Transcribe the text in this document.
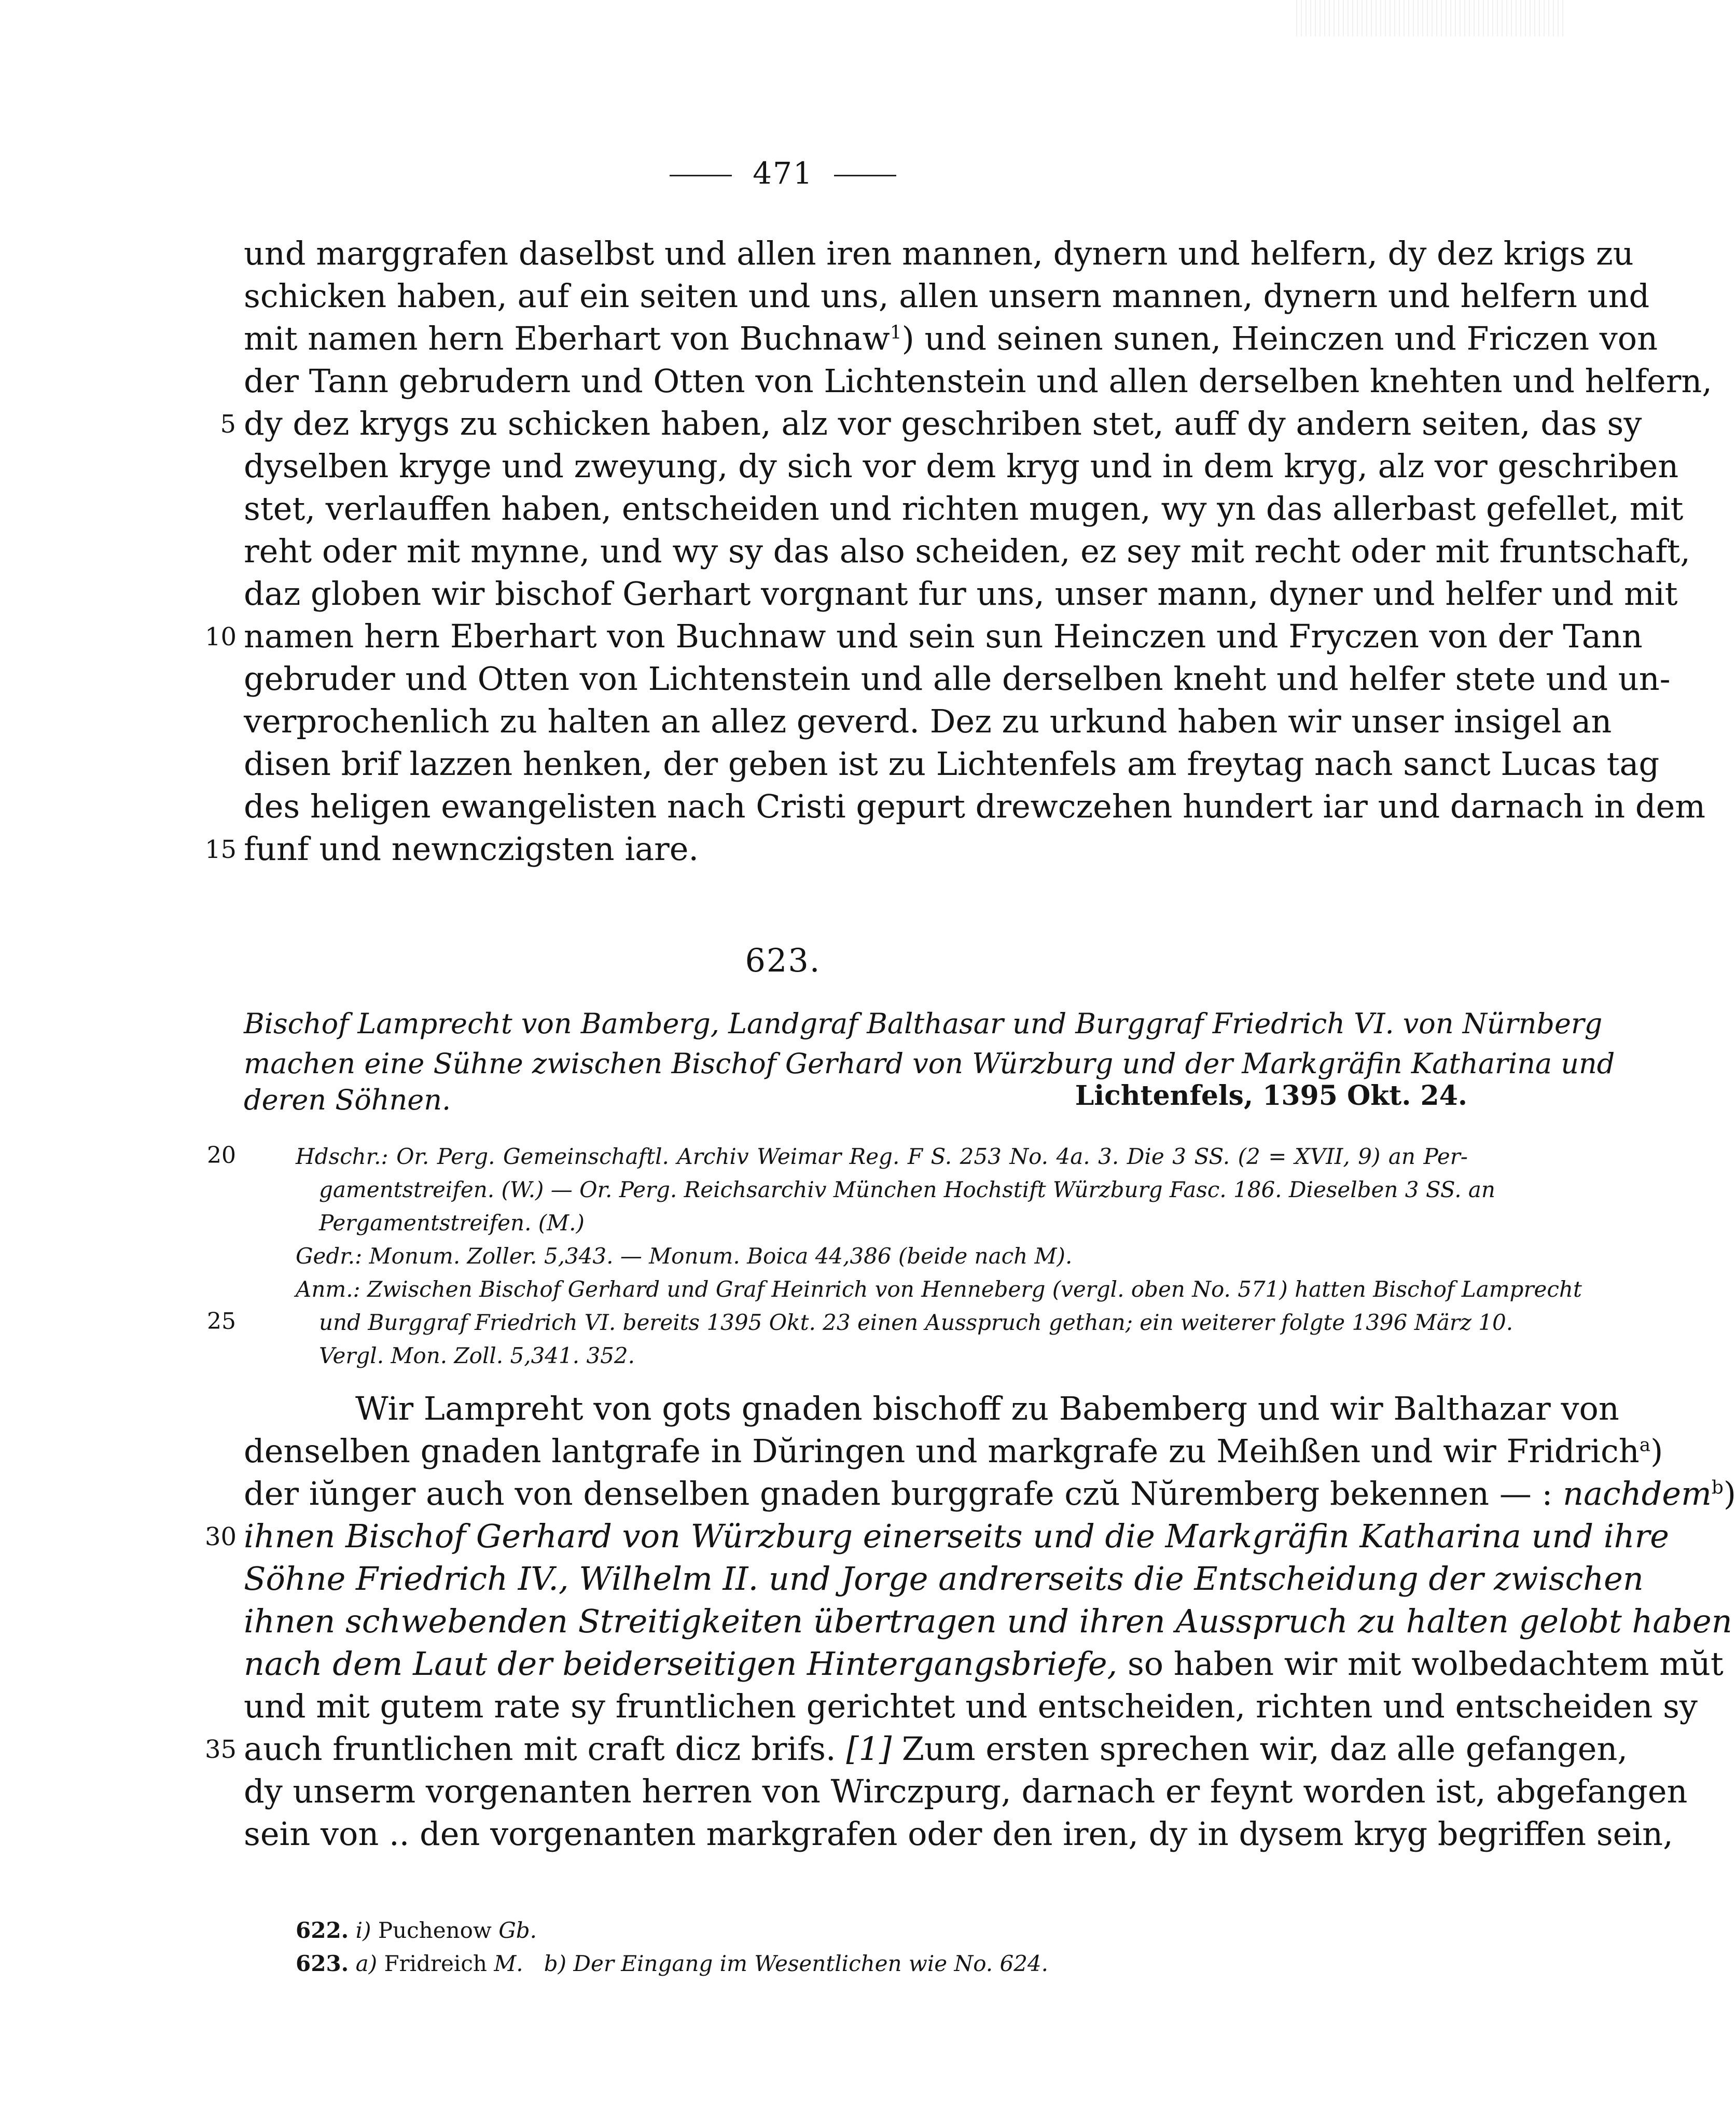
471
und marggrafen daselbst und allen iren mannen, dynern und helfern, dy dez krigs zu
schicken haben, auf ein seiten und uns, allen unsern mannen, dynern und helfern und
mit namen hern Eberhart von Buchnaw$^1$) und seinen sunen, Heinczen und Friczen von
der Tann gebrudern und Otten von Lichtenstein und allen derselben knehten und helfern,
5 dy dez krygs zu schicken haben, alz vor geschriben stet, auff dy andern seiten, das sy
dyselben kryge und zweyung, dy sich vor dem kryg und in dem kryg, alz vor geschriben
stet, verlauffen haben, entscheiden und richten mugen, wy yn das allerbast gefellet, mit
reht oder mit mynne, und wy sy das also scheiden, ez sey mit recht oder mit fruntschaft,
daz globen wir bischof Gerhart vorgnant fur uns, unser mann, dyner und helfer und mit
10 namen hern Eberhart von Buchnaw und sein sun Heinczen und Fryczen von der Tann
gebruder und Otten von Lichtenstein und alle derselben kneht und helfer stete und un-
verprochenlich zu halten an allez geverd. Dez zu urkund haben wir unser insigel an
disen brif lazzen henken, der geben ist zu Lichtenfels am freytag nach sanct Lucas tag
des heligen ewangelisten nach Cristi gepurt drewczehen hundert iar und darnach in dem
15 funf und newnczigsten iare.
623.
Bischof Lamprecht von Bamberg, Landgraf Balthasar und Burggraf Friedrich VI. von Nürnberg
machen eine Sühne zwischen Bischof Gerhard von Würzburg und der Markgräfin Katharina und
deren Söhnen.	Lichtenfels, 1395 Okt. 24.
20	Hdschr.: Or. Perg. Gemeinschaftl. Archiv Weimar Reg. F S. 253 No. 4a. 3. Die 3 SS. (2 = XVII, 9) an Per-
gamentstreifen. (W.) — Or. Perg. Reichsarchiv München Hochstift Würzburg Fasc. 186. Dieselben 3 SS. an
Pergamentstreifen. (M.)
Gedr.: Monum. Zoller. 5,343. — Monum. Boica 44,386 (beide nach M).
Anm.: Zwischen Bischof Gerhard und Graf Heinrich von Henneberg (vergl. oben No. 571) hatten Bischof Lamprecht
25	und Burggraf Friedrich VI. bereits 1395 Okt. 23 einen Ausspruch gethan; ein weiterer folgte 1396 März 10.
Vergl. Mon. Zoll. 5,341. 352.
Wir Lampreht von gots gnaden bischoff zu Babemberg und wir Balthazar von
denselben gnaden lantgrafe in Dŭringen und markgrafe zu Meihßen und wir Fridrich$^a$)
der iŭnger auch von denselben gnaden burggrafe czŭ Nŭremberg bekennen — : nachdem$^b$)
30 ihnen Bischof Gerhard von Würzburg einerseits und die Markgräfin Katharina und ihre
Söhne Friedrich IV., Wilhelm II. und Jorge andrerseits die Entscheidung der zwischen
ihnen schwebenden Streitigkeiten übertragen und ihren Ausspruch zu halten gelobt haben
nach dem Laut der beiderseitigen Hintergangsbriefe, so haben wir mit wolbedachtem mŭt
und mit gutem rate sy fruntlichen gerichtet und entscheiden, richten und entscheiden sy
35 auch fruntlichen mit craft dicz brifs. [1] Zum ersten sprechen wir, daz alle gefangen,
dy unserm vorgenanten herren von Wirczpurg, darnach er feynt worden ist, abgefangen
sein von .. den vorgenanten markgrafen oder den iren, dy in dysem kryg begriffen sein,
622. i) Puchenow Gb.
623. a) Fridreich M. b) Der Eingang im Wesentlichen wie No. 624.
